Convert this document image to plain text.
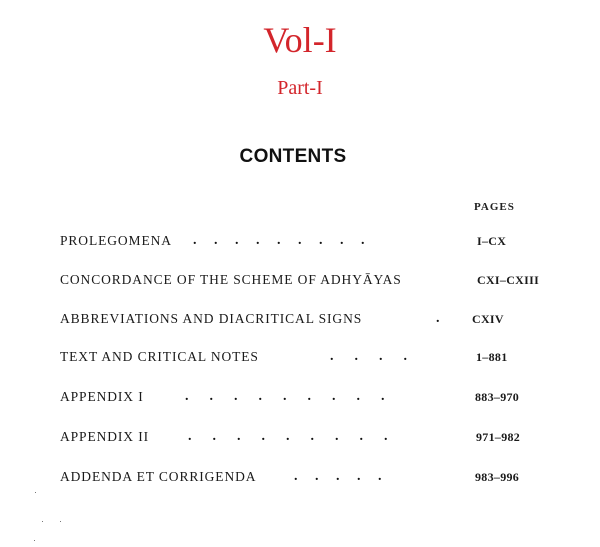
Vol-I
Part-I
CONTENTS
PAGES
PROLEGOMENA .     .     .     .     .     .     .     .     .	I–CX
CONCORDANCE OF THE SCHEME OF ADHYĀYAS	CXI–CXIII
ABBREVIATIONS AND DIACRITICAL SIGNS	.	CXIV
TEXT AND CRITICAL NOTES	.      .      .      .	1–881
APPENDIX I	.      .      .      .      .      .      .      .      .	883–970
APPENDIX II	.      .      .      .      .      .      .      .      .	971–982
ADDENDA ET CORRIGENDA	.     .     .     .     .	983–996
